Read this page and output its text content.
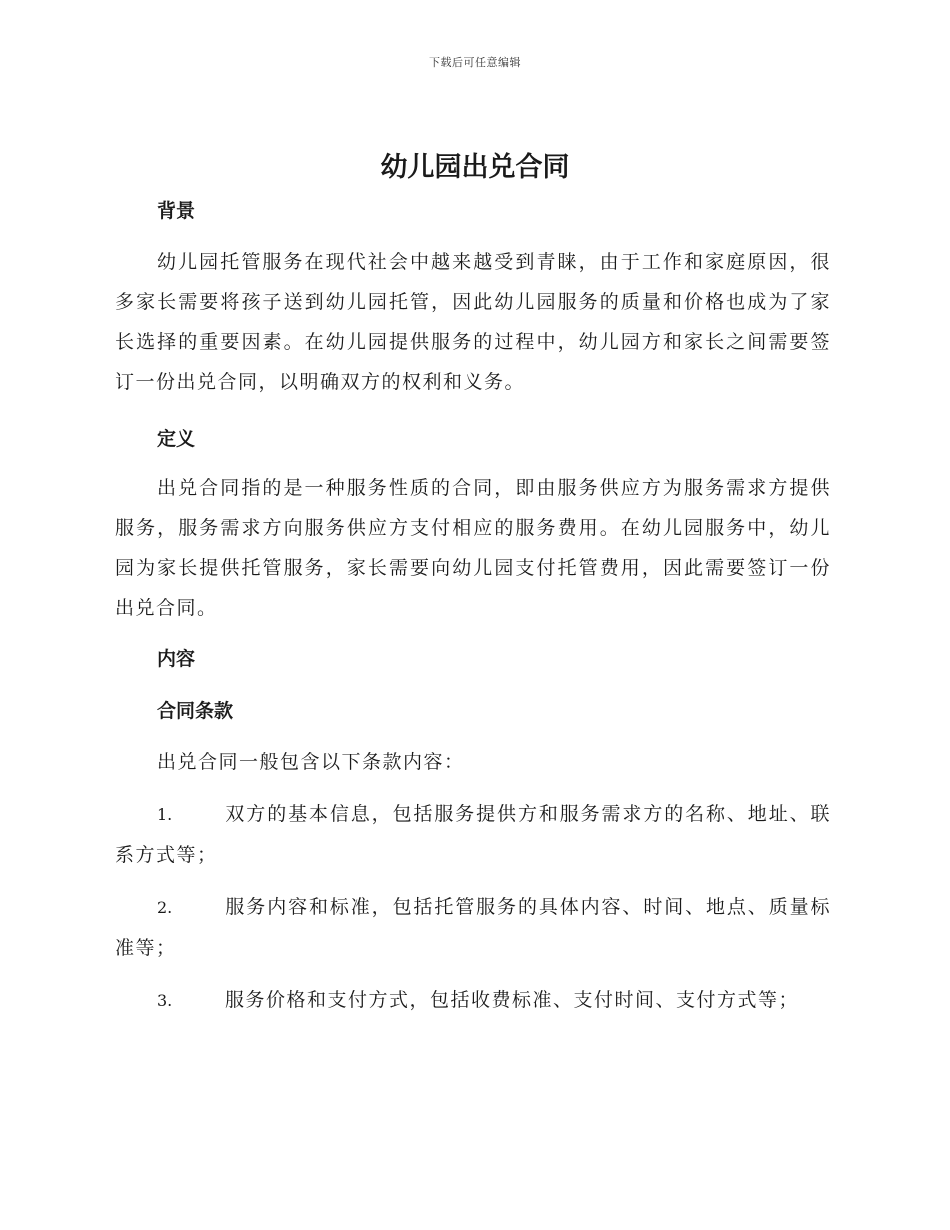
下载后可任意编辑
幼儿园出兑合同
背景

幼儿园托管服务在现代社会中越来越受到青睐，由于工作和家庭原因，很多家长需要将孩子送到幼儿园托管，因此幼儿园服务的质量和价格也成为了家长选择的重要因素。在幼儿园提供服务的过程中，幼儿园方和家长之间需要签订一份出兑合同，以明确双方的权利和义务。

定义

出兑合同指的是一种服务性质的合同，即由服务供应方为服务需求方提供服务，服务需求方向服务供应方支付相应的服务费用。在幼儿园服务中，幼儿园为家长提供托管服务，家长需要向幼儿园支付托管费用，因此需要签订一份出兑合同。

内容
合同条款

出兑合同一般包含以下条款内容：

1.	双方的基本信息，包括服务提供方和服务需求方的名称、地址、联系方式等；

2.	服务内容和标准，包括托管服务的具体内容、时间、地点、质量标准等；

3.	服务价格和支付方式，包括收费标准、支付时间、支付方式等；
